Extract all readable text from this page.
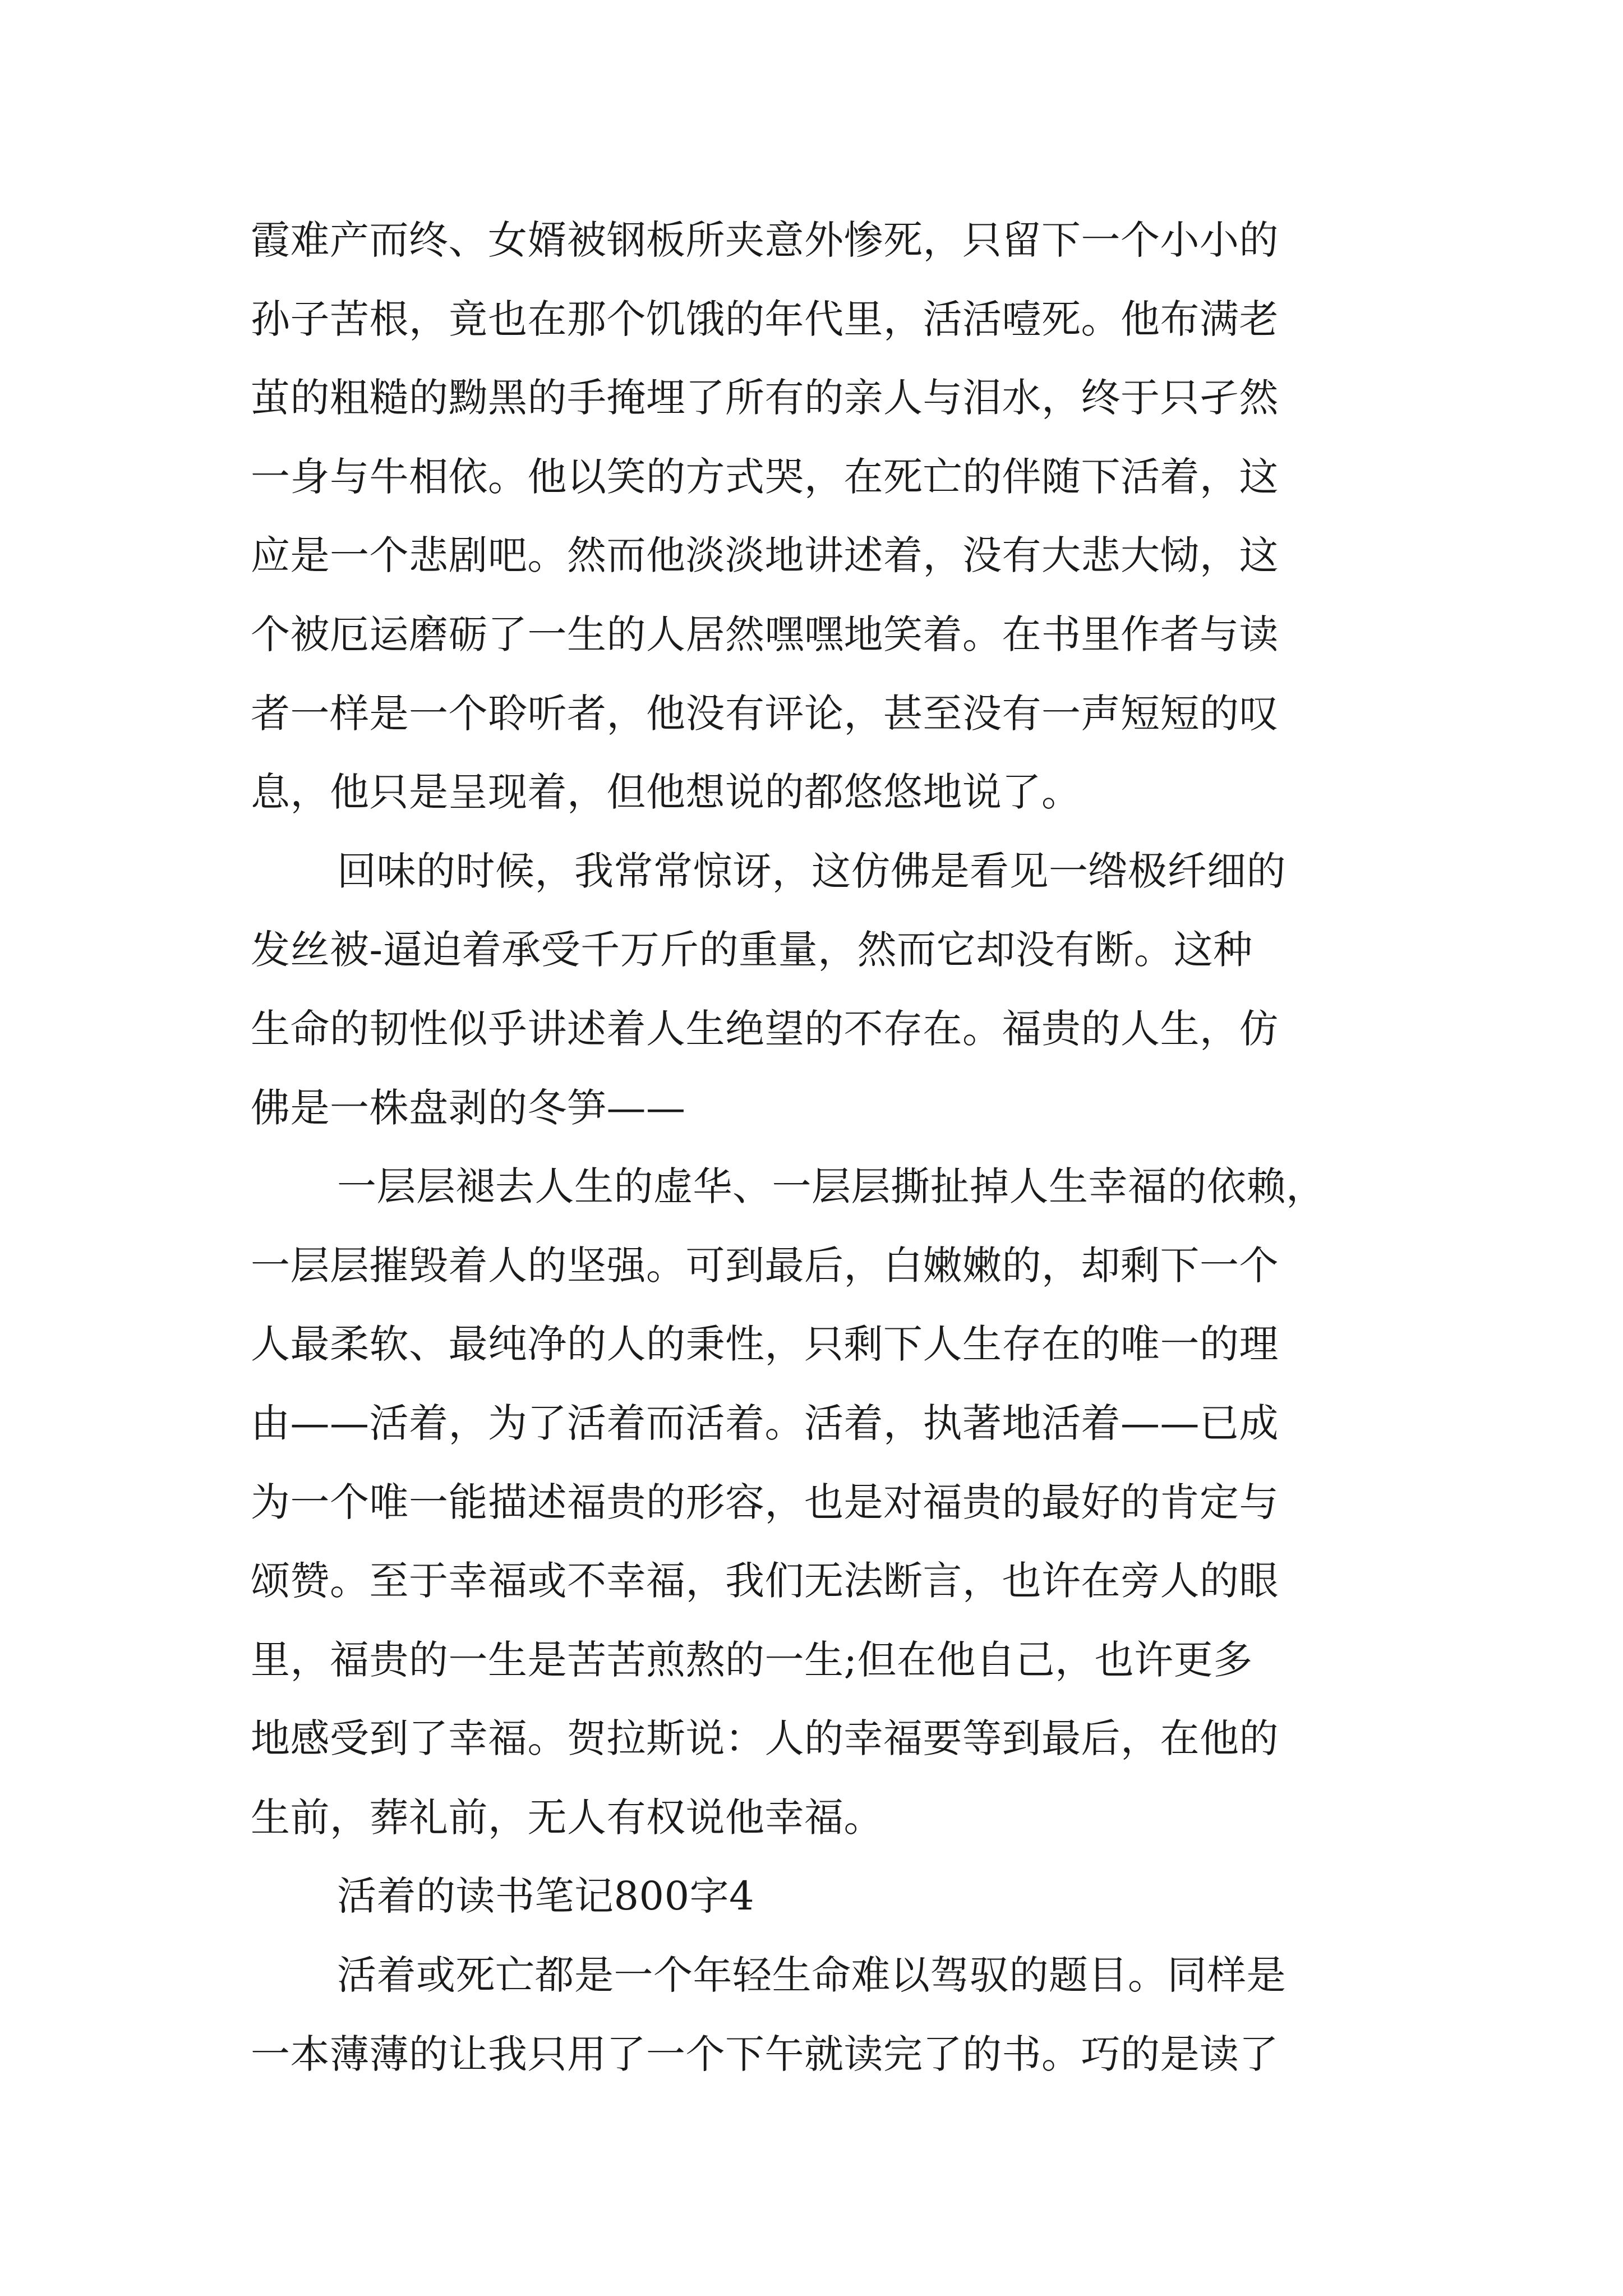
霞难产而终、女婿被钢板所夹意外惨死，只留下一个小小的
孙子苦根，竟也在那个饥饿的年代里，活活噎死。他布满老
茧的粗糙的黝黑的手掩埋了所有的亲人与泪水，终于只孑然
一身与牛相依。他以笑的方式哭，在死亡的伴随下活着，这
应是一个悲剧吧。然而他淡淡地讲述着，没有大悲大恸，这
个被厄运磨砺了一生的人居然嘿嘿地笑着。在书里作者与读
者一样是一个聆听者，他没有评论，甚至没有一声短短的叹
息，他只是呈现着，但他想说的都悠悠地说了。
回味的时候，我常常惊讶，这仿佛是看见一绺极纤细的
发丝被-逼迫着承受千万斤的重量，然而它却没有断。这种
生命的韧性似乎讲述着人生绝望的不存在。福贵的人生，仿
佛是一株盘剥的冬笋——
一层层褪去人生的虚华、一层层撕扯掉人生幸福的依赖，
一层层摧毁着人的坚强。可到最后，白嫩嫩的，却剩下一个
人最柔软、最纯净的人的秉性，只剩下人生存在的唯一的理
由——活着，为了活着而活着。活着，执著地活着——已成
为一个唯一能描述福贵的形容，也是对福贵的最好的肯定与
颂赞。至于幸福或不幸福，我们无法断言，也许在旁人的眼
里，福贵的一生是苦苦煎熬的一生;但在他自己，也许更多
地感受到了幸福。贺拉斯说：人的幸福要等到最后，在他的
生前，葬礼前，无人有权说他幸福。
活着的读书笔记800字4
活着或死亡都是一个年轻生命难以驾驭的题目。同样是
一本薄薄的让我只用了一个下午就读完了的书。巧的是读了
